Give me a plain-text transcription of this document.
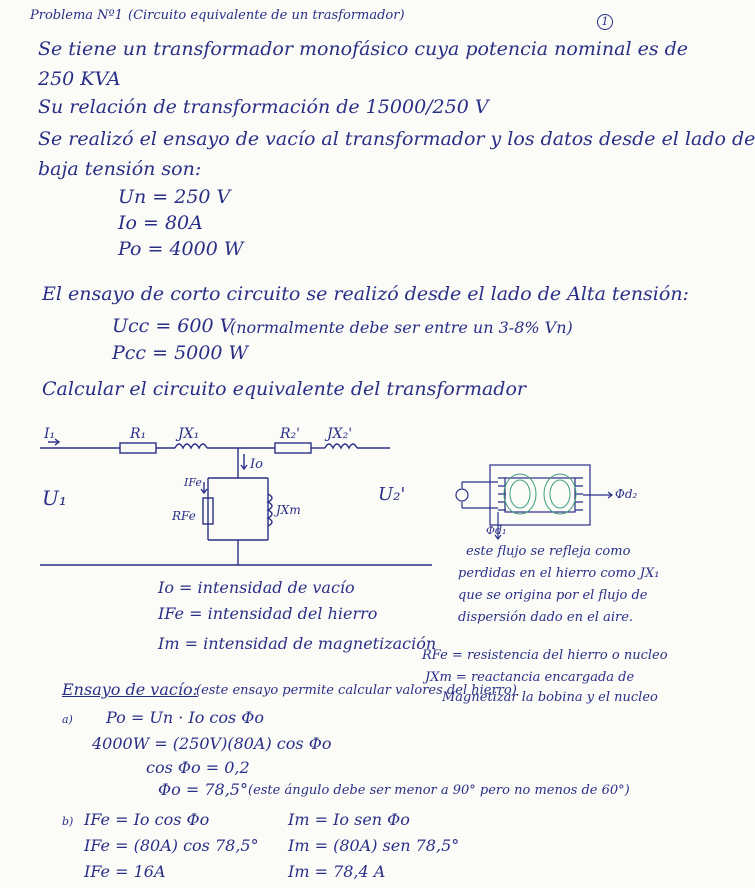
Problema Nº1 (Circuito equivalente de un trasformador)	1
Se tiene un transformador monofásico cuya potencia nominal es de
250 KVA
Su relación de transformación de 15000/250 V
Se realizó el ensayo de vacío al transformador y los datos desde el lado de
baja tensión son:
Un = 250 V
Io = 80A
Po = 4000 W
El ensayo de corto circuito se realizó desde el lado de Alta tensión:
Ucc = 600 V
(normalmente debe ser entre un 3-8% Vn)
Pcc = 5000 W
Calcular el circuito equivalente del transformador
I₁	R₁ JX₁	R₂' JX₂'
Io
IFe
RFe	JXm
U₁	U₂'	Φd₂
Φd₁
este flujo se refleja como
perdidas en el hierro como JX₁
que se origina por el flujo de
dispersión dado en el aire.
Io = intensidad de vacío
IFe = intensidad del hierro
Im = intensidad de magnetización
RFe = resistencia del hierro o nucleo
JXm = reactancia encargada de
Magnetizar la bobina y el nucleo
Ensayo de vacío:
(este ensayo permite calcular valores del hierro)
a) Po = Un · Io cos Φo
4000W = (250V)(80A) cos Φo
cos Φo = 0,2
Φo = 78,5° (este ángulo debe ser menor a 90° pero no menos de 60°)
b) IFe = Io cos Φo
IFe = (80A) cos 78,5°
IFe = 16A
Im = Io sen Φo
Im = (80A) sen 78,5°
Im = 78,4 A
